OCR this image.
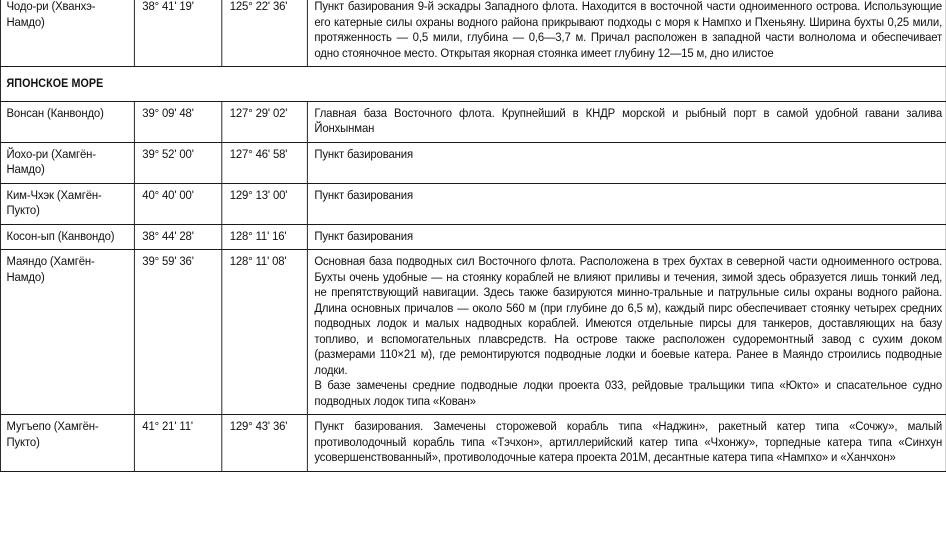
Чодо-ри (Хванхэ-Намдо)	38° 41' 19'	125° 22' 36'	Пункт базирования 9-й эскадры Западного флота. Находится в восточной части одноименного острова. Использующие его катерные силы охраны водного района прикрывают подходы с моря к Нампхо и Пхеньяну. Ширина бухты 0,25 мили, протяженность — 0,5 мили, глубина — 0,6—3,7 м. Причал расположен в западной части волнолома и обеспечивает одно стояночное место. Открытая якорная стоянка имеет глубину 12—15 м, дно илистое

ЯПОНСКОЕ МОРЕ			
Вонсан (Канвондо)	39° 09' 48'	127° 29' 02'	Главная база Восточного флота. Крупнейший в КНДР морской и рыбный порт в самой удобной гавани залива Йонхынман

Йохо-ри (Хамгён-Намдо)	39° 52' 00'	127° 46' 58'	Пункт базирования

Ким-Чхэк (Хамгён-Пукто)	40° 40' 00'	129° 13' 00'	Пункт базирования

Косон-ып (Канвондо)	38° 44' 28'	128° 11' 16'	Пункт базирования

Маяндо (Хамгён-Намдо)	39° 59' 36'	128° 11' 08'	Основная база подводных сил Восточного флота. Расположена в трех бухтах в северной части одноименного острова. Бухты очень удобные — на стоянку кораблей не влияют приливы и течения, зимой здесь образуется лишь тонкий лед, не препятствующий навигации. Здесь также базируются минно-тральные и патрульные силы охраны водного района. Длина основных причалов — около 560 м (при глубине до 6,5 м), каждый пирс обеспечивает стоянку четырех средних подводных лодок и малых надводных кораблей. Имеются отдельные пирсы для танкеров, доставляющих на базу топливо, и вспомогательных плавсредств. На острове также расположен судоремонтный завод с сухим доком (размерами 110×21 м), где ремонтируются подводные лодки и боевые катера. Ранее в Маяндо строились подводные лодки.
В базе замечены средние подводные лодки проекта 033, рейдовые тральщики типа «Юкто» и спасательное судно подводных лодок типа «Кован»

Мугъепо (Хамгён-Пукто)	41° 21' 11'	129° 43' 36'	Пункт базирования. Замечены сторожевой корабль типа «Наджин», ракетный катер типа «Сочжу», малый противолодочный корабль типа «Тэчхон», артиллерийский катер типа «Чхонжу», торпедные катера типа «Синхун усовершенствованный», противолодочные катера проекта 201М, десантные катера типа «Нампхо» и «Ханчхон»
